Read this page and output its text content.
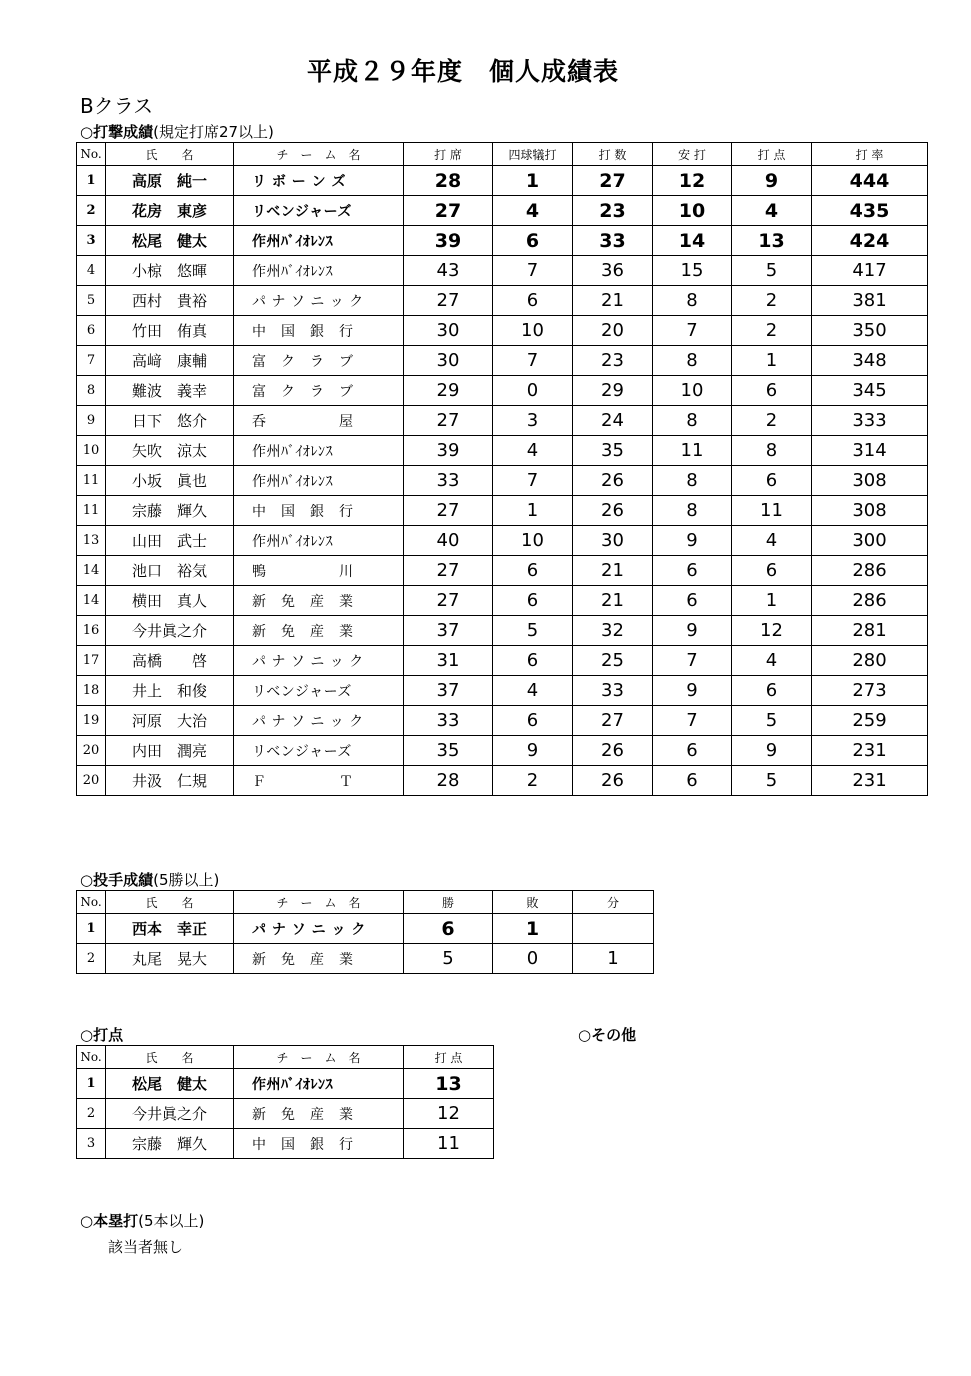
平成２９年度　個人成績表
Bクラス
○打撃成績(規定打席27以上)
No.	氏　　名	チ　ー　ム　名	打 席	四球犠打	打 数	安 打	打 点	打 率
1	高原　純一	リ ボ ー ン ズ	28	1	27	12	9	444
2	花房　東彦	リベンジャーズ	27	4	23	10	4	435
3	松尾　健太	作州ﾊﾞｲｵﾚﾝｽ	39	6	33	14	13	424
4	小椋　悠暉	作州ﾊﾞｲｵﾚﾝｽ	43	7	36	15	5	417
5	西村　貴裕	パ ナ ソ ニ ッ ク	27	6	21	8	2	381
6	竹田　侑真	中　国　銀　行	30	10	20	7	2	350
7	高﨑　康輔	富　ク　ラ　ブ	30	7	23	8	1	348
8	難波　義幸	富　ク　ラ　ブ	29	0	29	10	6	345
9	日下　悠介	呑　　　　　屋	27	3	24	8	2	333
10	矢吹　涼太	作州ﾊﾞｲｵﾚﾝｽ	39	4	35	11	8	314
11	小坂　眞也	作州ﾊﾞｲｵﾚﾝｽ	33	7	26	8	6	308
11	宗藤　輝久	中　国　銀　行	27	1	26	8	11	308
13	山田　武士	作州ﾊﾞｲｵﾚﾝｽ	40	10	30	9	4	300
14	池口　裕気	鴨　　　　　川	27	6	21	6	6	286
14	横田　真人	新　免　産　業	27	6	21	6	1	286
16	今井眞之介	新　免　産　業	37	5	32	9	12	281
17	高橋　　啓	パ ナ ソ ニ ッ ク	31	6	25	7	4	280
18	井上　和俊	リベンジャーズ	37	4	33	9	6	273
19	河原　大治	パ ナ ソ ニ ッ ク	33	6	27	7	5	259
20	内田　潤亮	リベンジャーズ	35	9	26	6	9	231
20	井汲　仁規	Ｆ　　　　　Ｔ	28	2	26	6	5	231
○投手成績(5勝以上)
No.	氏　　名	チ　ー　ム　名	勝	敗	分
1	西本　幸正	パ ナ ソ ニ ッ ク	6	1	
2	丸尾　晃大	新　免　産　業	5	0	1
○打点	○その他
No.	氏　　名	チ　ー　ム　名	打 点
1	松尾　健太	作州ﾊﾞｲｵﾚﾝｽ	13
2	今井眞之介	新　免　産　業	12
3	宗藤　輝久	中　国　銀　行	11
○本塁打(5本以上)
該当者無し
